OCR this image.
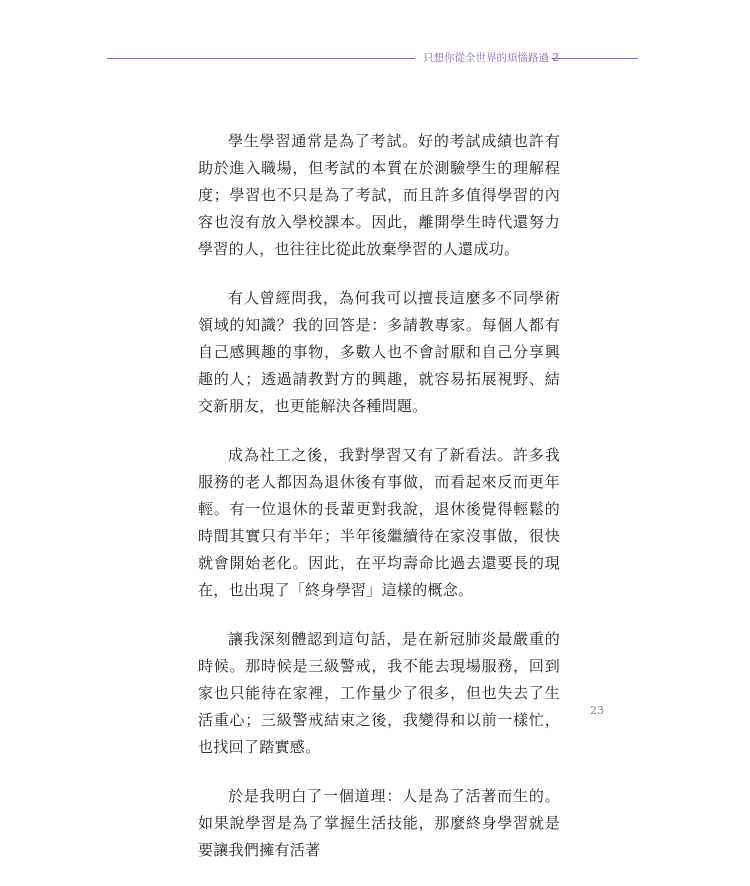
只想你從全世界的煩惱路過 2

學生學習通常是為了考試。好的考試成績也許有助於進入職場，但考試的本質在於測驗學生的理解程度；學習也不只是為了考試，而且許多值得學習的內容也沒有放入學校課本。因此，離開學生時代還努力學習的人，也往往比從此放棄學習的人還成功。

有人曾經問我，為何我可以擅長這麼多不同學術領域的知識？我的回答是：多請教專家。每個人都有自己感興趣的事物，多數人也不會討厭和自己分享興趣的人；透過請教對方的興趣，就容易拓展視野、結交新朋友，也更能解決各種問題。

成為社工之後，我對學習又有了新看法。許多我服務的老人都因為退休後有事做，而看起來反而更年輕。有一位退休的長輩更對我說，退休後覺得輕鬆的時間其實只有半年；半年後繼續待在家沒事做，很快就會開始老化。因此，在平均壽命比過去還要長的現在，也出現了「終身學習」這樣的概念。

讓我深刻體認到這句話，是在新冠肺炎最嚴重的時候。那時候是三級警戒，我不能去現場服務，回到家也只能待在家裡，工作量少了很多，但也失去了生活重心；三級警戒結束之後，我變得和以前一樣忙，也找回了踏實感。

於是我明白了一個道理：人是為了活著而生的。如果說學習是為了掌握生活技能，那麼終身學習就是要讓我們擁有活著

23
